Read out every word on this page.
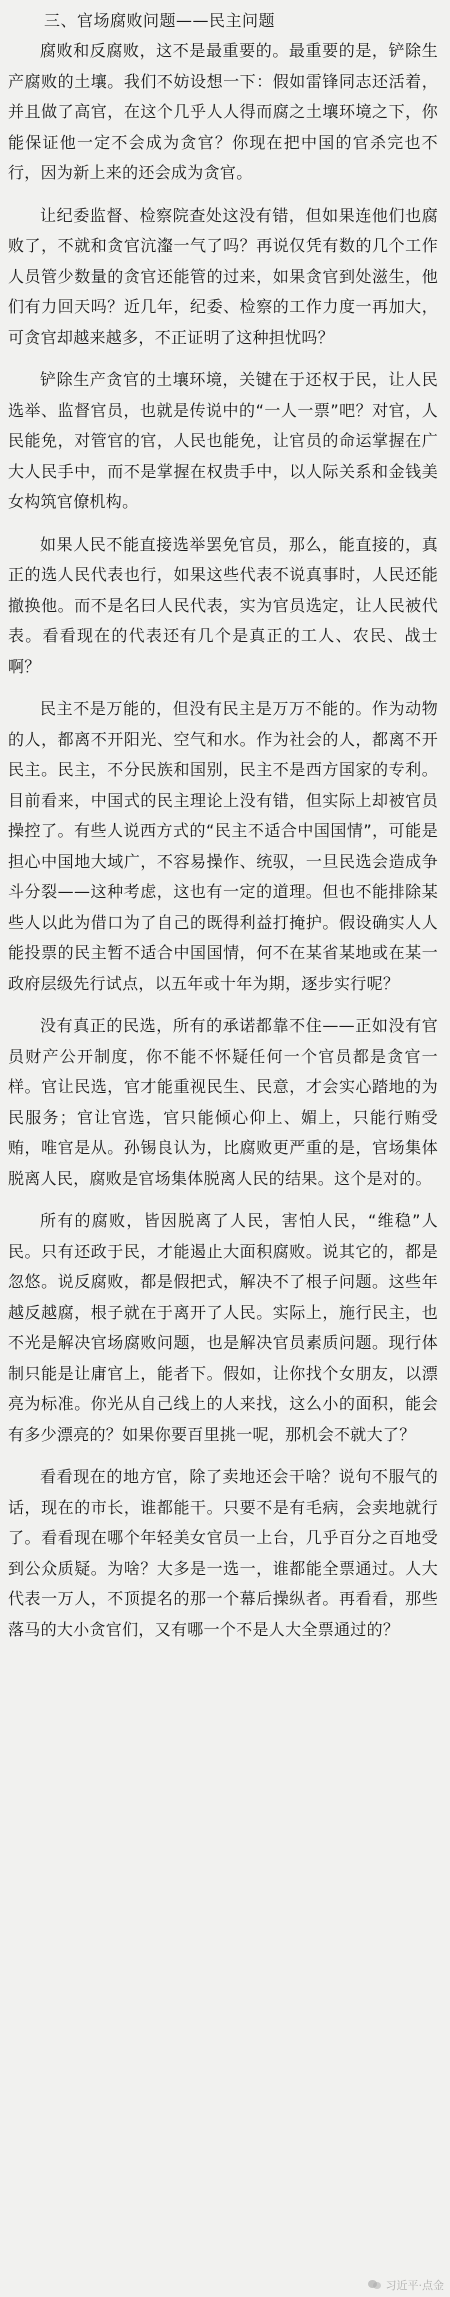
三、官场腐败问题——民主问题

腐败和反腐败，这不是最重要的。最重要的是，铲除生产腐败的土壤。我们不妨设想一下：假如雷锋同志还活着，并且做了高官，在这个几乎人人得而腐之土壤环境之下，你能保证他一定不会成为贪官？你现在把中国的官杀完也不行，因为新上来的还会成为贪官。

让纪委监督、检察院查处这没有错，但如果连他们也腐败了，不就和贪官沆瀣一气了吗？再说仅凭有数的几个工作人员管少数量的贪官还能管的过来，如果贪官到处滋生，他们有力回天吗？近几年，纪委、检察的工作力度一再加大，可贪官却越来越多，不正证明了这种担忧吗？

铲除生产贪官的土壤环境，关键在于还权于民，让人民选举、监督官员，也就是传说中的“一人一票”吧？对官，人民能免，对管官的官，人民也能免，让官员的命运掌握在广大人民手中，而不是掌握在权贵手中，以人际关系和金钱美女构筑官僚机构。

如果人民不能直接选举罢免官员，那么，能直接的，真正的选人民代表也行，如果这些代表不说真事时，人民还能撤换他。而不是名曰人民代表，实为官员选定，让人民被代表。看看现在的代表还有几个是真正的工人、农民、战士啊？

民主不是万能的，但没有民主是万万不能的。作为动物的人，都离不开阳光、空气和水。作为社会的人，都离不开民主。民主，不分民族和国别，民主不是西方国家的专利。目前看来，中国式的民主理论上没有错，但实际上却被官员操控了。有些人说西方式的“民主不适合中国国情”，可能是担心中国地大域广，不容易操作、统驭，一旦民选会造成争斗分裂——这种考虑，这也有一定的道理。但也不能排除某些人以此为借口为了自己的既得利益打掩护。假设确实人人能投票的民主暂不适合中国国情，何不在某省某地或在某一政府层级先行试点，以五年或十年为期，逐步实行呢？

没有真正的民选，所有的承诺都靠不住——正如没有官员财产公开制度，你不能不怀疑任何一个官员都是贪官一样。官让民选，官才能重视民生、民意，才会实心踏地的为民服务；官让官选，官只能倾心仰上、媚上，只能行贿受贿，唯官是从。孙锡良认为，比腐败更严重的是，官场集体脱离人民，腐败是官场集体脱离人民的结果。这个是对的。

所有的腐败，皆因脱离了人民，害怕人民，“维稳”人民。只有还政于民，才能遏止大面积腐败。说其它的，都是忽悠。说反腐败，都是假把式，解决不了根子问题。这些年越反越腐，根子就在于离开了人民。实际上，施行民主，也不光是解决官场腐败问题，也是解决官员素质问题。现行体制只能是让庸官上，能者下。假如，让你找个女朋友，以漂亮为标准。你光从自己线上的人来找，这么小的面积，能会有多少漂亮的？如果你要百里挑一呢，那机会不就大了？

看看现在的地方官，除了卖地还会干啥？说句不服气的话，现在的市长，谁都能干。只要不是有毛病，会卖地就行了。看看现在哪个年轻美女官员一上台，几乎百分之百地受到公众质疑。为啥？大多是一选一，谁都能全票通过。人大代表一万人，不顶提名的那一个幕后操纵者。再看看，那些落马的大小贪官们，又有哪一个不是人大全票通过的？

习近平·点金
